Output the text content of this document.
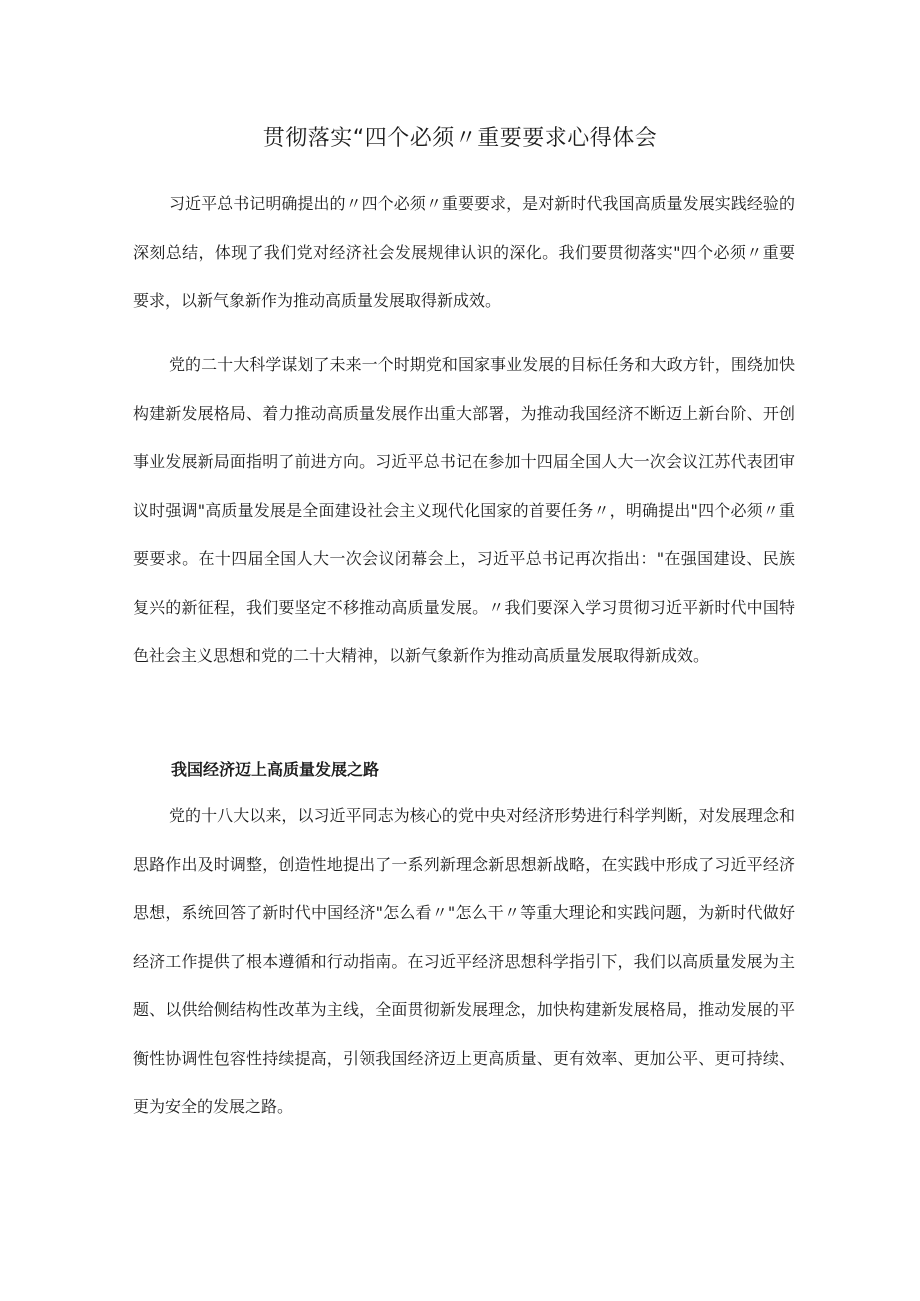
贯彻落实“四个必须〃重要要求心得体会

习近平总书记明确提出的〃四个必须〃重要要求，是对新时代我国高质量发展实践经验的深刻总结，体现了我们党对经济社会发展规律认识的深化。我们要贯彻落实"四个必须〃重要要求，以新气象新作为推动高质量发展取得新成效。

党的二十大科学谋划了未来一个时期党和国家事业发展的目标任务和大政方针，围绕加快构建新发展格局、着力推动高质量发展作出重大部署，为推动我国经济不断迈上新台阶、开创事业发展新局面指明了前进方向。习近平总书记在参加十四届全国人大一次会议江苏代表团审议时强调"高质量发展是全面建设社会主义现代化国家的首要任务〃，明确提出"四个必须〃重要要求。在十四届全国人大一次会议闭幕会上，习近平总书记再次指出："在强国建设、民族复兴的新征程，我们要坚定不移推动高质量发展。〃我们要深入学习贯彻习近平新时代中国特色社会主义思想和党的二十大精神，以新气象新作为推动高质量发展取得新成效。

我国经济迈上高质量发展之路

党的十八大以来，以习近平同志为核心的党中央对经济形势进行科学判断，对发展理念和思路作出及时调整，创造性地提出了一系列新理念新思想新战略，在实践中形成了习近平经济思想，系统回答了新时代中国经济"怎么看〃"怎么干〃等重大理论和实践问题，为新时代做好经济工作提供了根本遵循和行动指南。在习近平经济思想科学指引下，我们以高质量发展为主题、以供给侧结构性改革为主线，全面贯彻新发展理念，加快构建新发展格局，推动发展的平衡性协调性包容性持续提高，引领我国经济迈上更高质量、更有效率、更加公平、更可持续、更为安全的发展之路。
